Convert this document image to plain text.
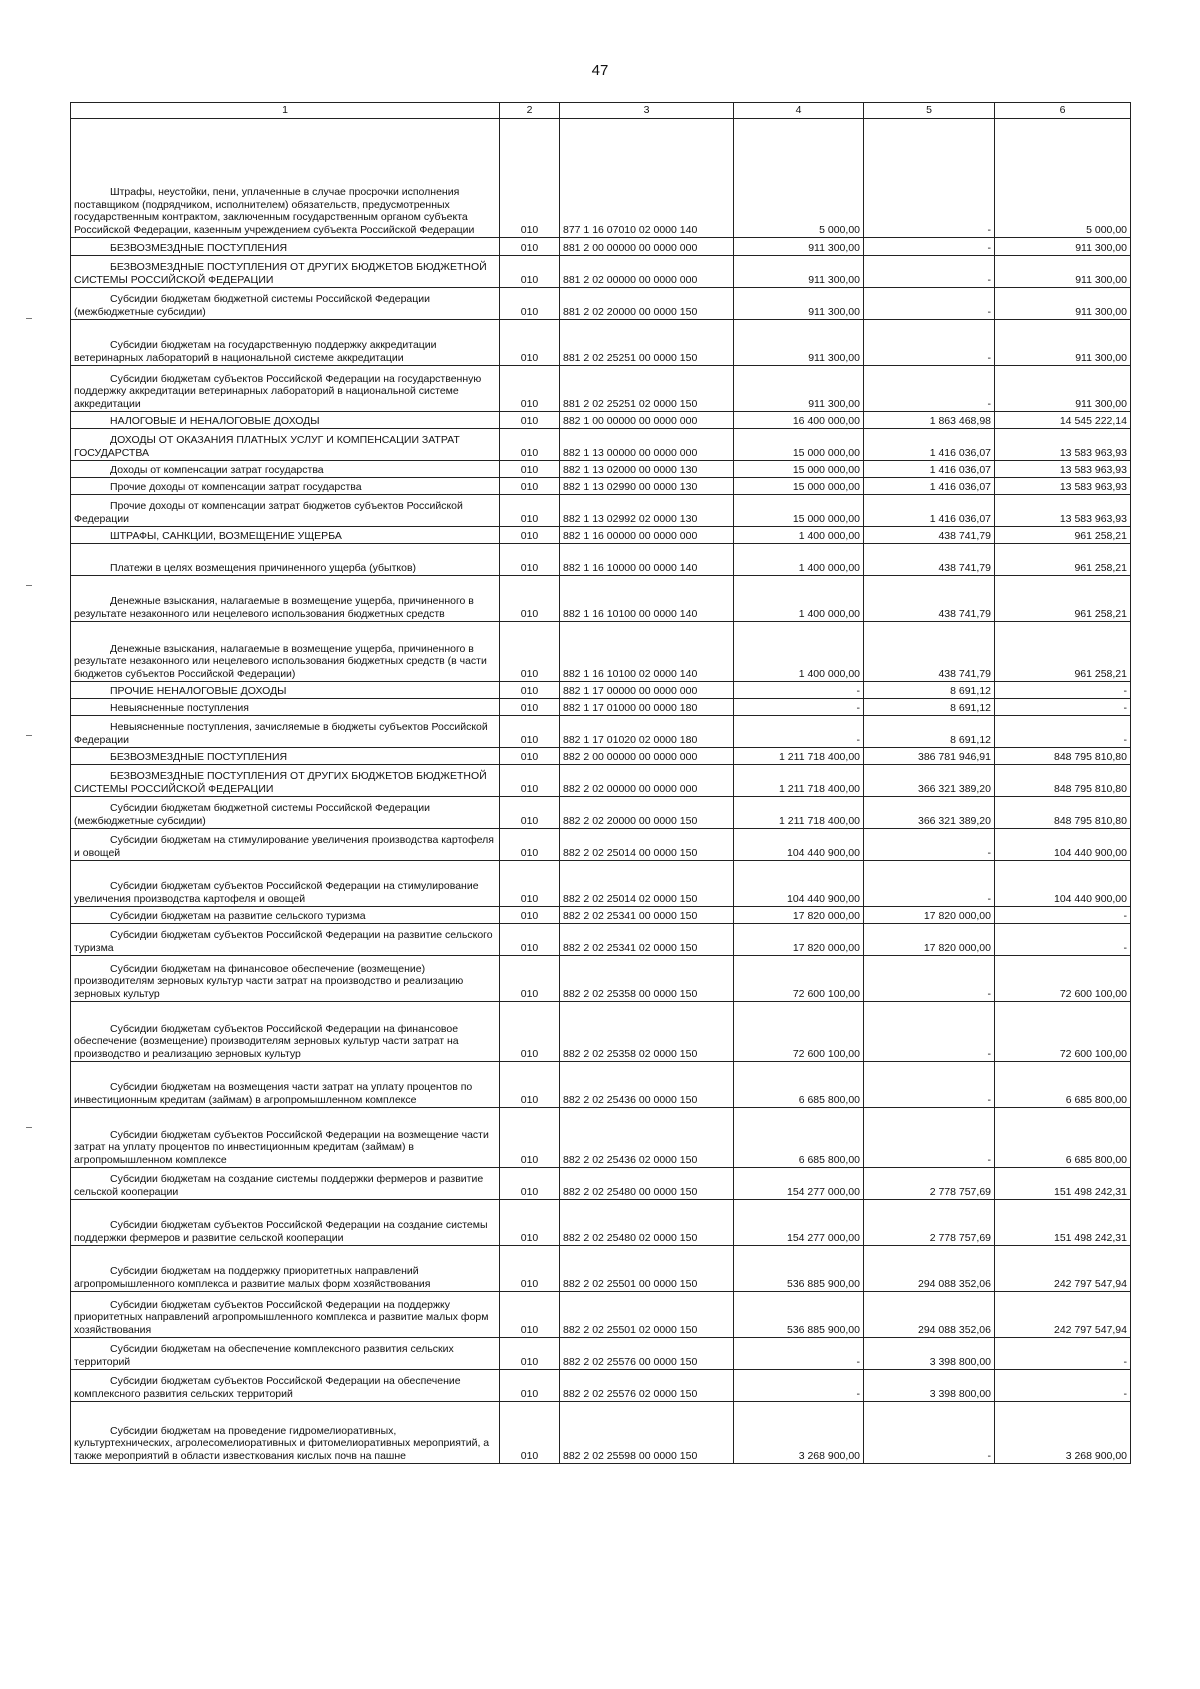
47
1	2	3	4	5	6

Штрафы, неустойки, пени, уплаченные в случае просрочки исполнения поставщиком (подрядчиком, исполнителем) обязательств, предусмотренных государственным контрактом, заключенным государственным органом субъекта Российской Федерации, казенным учреждением субъекта Российской Федерации	010	877 1 16 07010 02 0000 140	5 000,00	-	5 000,00

БЕЗВОЗМЕЗДНЫЕ ПОСТУПЛЕНИЯ	010	881 2 00 00000 00 0000 000	911 300,00	-	911 300,00

БЕЗВОЗМЕЗДНЫЕ ПОСТУПЛЕНИЯ ОТ ДРУГИХ БЮДЖЕТОВ БЮДЖЕТНОЙ СИСТЕМЫ РОССИЙСКОЙ ФЕДЕРАЦИИ	010	881 2 02 00000 00 0000 000	911 300,00	-	911 300,00

Субсидии бюджетам бюджетной системы Российской Федерации (межбюджетные субсидии)	010	881 2 02 20000 00 0000 150	911 300,00	-	911 300,00

Субсидии бюджетам на государственную поддержку аккредитации ветеринарных лабораторий в национальной системе аккредитации	010	881 2 02 25251 00 0000 150	911 300,00	-	911 300,00

Субсидии бюджетам субъектов Российской Федерации на государственную поддержку аккредитации ветеринарных лабораторий в национальной системе аккредитации	010	881 2 02 25251 02 0000 150	911 300,00	-	911 300,00

НАЛОГОВЫЕ И НЕНАЛОГОВЫЕ ДОХОДЫ	010	882 1 00 00000 00 0000 000	16 400 000,00	1 863 468,98	14 545 222,14

ДОХОДЫ ОТ ОКАЗАНИЯ ПЛАТНЫХ УСЛУГ И КОМПЕНСАЦИИ ЗАТРАТ ГОСУДАРСТВА	010	882 1 13 00000 00 0000 000	15 000 000,00	1 416 036,07	13 583 963,93

Доходы от компенсации затрат государства	010	882 1 13 02000 00 0000 130	15 000 000,00	1 416 036,07	13 583 963,93

Прочие доходы от компенсации затрат государства	010	882 1 13 02990 00 0000 130	15 000 000,00	1 416 036,07	13 583 963,93

Прочие доходы от компенсации затрат бюджетов субъектов Российской Федерации	010	882 1 13 02992 02 0000 130	15 000 000,00	1 416 036,07	13 583 963,93

ШТРАФЫ, САНКЦИИ, ВОЗМЕЩЕНИЕ УЩЕРБА	010	882 1 16 00000 00 0000 000	1 400 000,00	438 741,79	961 258,21

Платежи в целях возмещения причиненного ущерба (убытков)	010	882 1 16 10000 00 0000 140	1 400 000,00	438 741,79	961 258,21

Денежные взыскания, налагаемые в возмещение ущерба, причиненного в результате незаконного или нецелевого использования бюджетных средств	010	882 1 16 10100 00 0000 140	1 400 000,00	438 741,79	961 258,21

Денежные взыскания, налагаемые в возмещение ущерба, причиненного в результате незаконного или нецелевого использования бюджетных средств (в части бюджетов субъектов Российской Федерации)	010	882 1 16 10100 02 0000 140	1 400 000,00	438 741,79	961 258,21

ПРОЧИЕ НЕНАЛОГОВЫЕ ДОХОДЫ	010	882 1 17 00000 00 0000 000	-	8 691,12	-

Невыясненные поступления	010	882 1 17 01000 00 0000 180	-	8 691,12	-

Невыясненные поступления, зачисляемые в бюджеты субъектов Российской Федерации	010	882 1 17 01020 02 0000 180	-	8 691,12	-

БЕЗВОЗМЕЗДНЫЕ ПОСТУПЛЕНИЯ	010	882 2 00 00000 00 0000 000	1 211 718 400,00	386 781 946,91	848 795 810,80

БЕЗВОЗМЕЗДНЫЕ ПОСТУПЛЕНИЯ ОТ ДРУГИХ БЮДЖЕТОВ БЮДЖЕТНОЙ СИСТЕМЫ РОССИЙСКОЙ ФЕДЕРАЦИИ	010	882 2 02 00000 00 0000 000	1 211 718 400,00	366 321 389,20	848 795 810,80

Субсидии бюджетам бюджетной системы Российской Федерации (межбюджетные субсидии)	010	882 2 02 20000 00 0000 150	1 211 718 400,00	366 321 389,20	848 795 810,80

Субсидии бюджетам на стимулирование увеличения производства картофеля и овощей	010	882 2 02 25014 00 0000 150	104 440 900,00	-	104 440 900,00

Субсидии бюджетам субъектов Российской Федерации на стимулирование увеличения производства картофеля и овощей	010	882 2 02 25014 02 0000 150	104 440 900,00	-	104 440 900,00

Субсидии бюджетам на развитие сельского туризма	010	882 2 02 25341 00 0000 150	17 820 000,00	17 820 000,00	-

Субсидии бюджетам субъектов Российской Федерации на развитие сельского туризма	010	882 2 02 25341 02 0000 150	17 820 000,00	17 820 000,00	-

Субсидии бюджетам на финансовое обеспечение (возмещение) производителям зерновых культур части затрат на производство и реализацию зерновых культур	010	882 2 02 25358 00 0000 150	72 600 100,00	-	72 600 100,00

Субсидии бюджетам субъектов Российской Федерации на финансовое обеспечение (возмещение) производителям зерновых культур части затрат на производство и реализацию зерновых культур	010	882 2 02 25358 02 0000 150	72 600 100,00	-	72 600 100,00

Субсидии бюджетам на возмещения части затрат на уплату процентов по инвестиционным кредитам (займам) в агропромышленном комплексе	010	882 2 02 25436 00 0000 150	6 685 800,00	-	6 685 800,00

Субсидии бюджетам субъектов Российской Федерации на возмещение части затрат на уплату процентов по инвестиционным кредитам (займам) в агропромышленном комплексе	010	882 2 02 25436 02 0000 150	6 685 800,00	-	6 685 800,00

Субсидии бюджетам на создание системы поддержки фермеров и развитие сельской кооперации	010	882 2 02 25480 00 0000 150	154 277 000,00	2 778 757,69	151 498 242,31

Субсидии бюджетам субъектов Российской Федерации на создание системы поддержки фермеров и развитие сельской кооперации	010	882 2 02 25480 02 0000 150	154 277 000,00	2 778 757,69	151 498 242,31

Субсидии бюджетам на поддержку приоритетных направлений агропромышленного комплекса и развитие малых форм хозяйствования	010	882 2 02 25501 00 0000 150	536 885 900,00	294 088 352,06	242 797 547,94

Субсидии бюджетам субъектов Российской Федерации на поддержку приоритетных направлений агропромышленного комплекса и развитие малых форм хозяйствования	010	882 2 02 25501 02 0000 150	536 885 900,00	294 088 352,06	242 797 547,94

Субсидии бюджетам на обеспечение комплексного развития сельских территорий	010	882 2 02 25576 00 0000 150	-	3 398 800,00	-

Субсидии бюджетам субъектов Российской Федерации на обеспечение комплексного развития сельских территорий	010	882 2 02 25576 02 0000 150	-	3 398 800,00	-

Субсидии бюджетам на проведение гидромелиоративных, культуртехнических, агролесомелиоративных и фитомелиоративных мероприятий, а также мероприятий в области известкования кислых почв на пашне	010	882 2 02 25598 00 0000 150	3 268 900,00	-	3 268 900,00
